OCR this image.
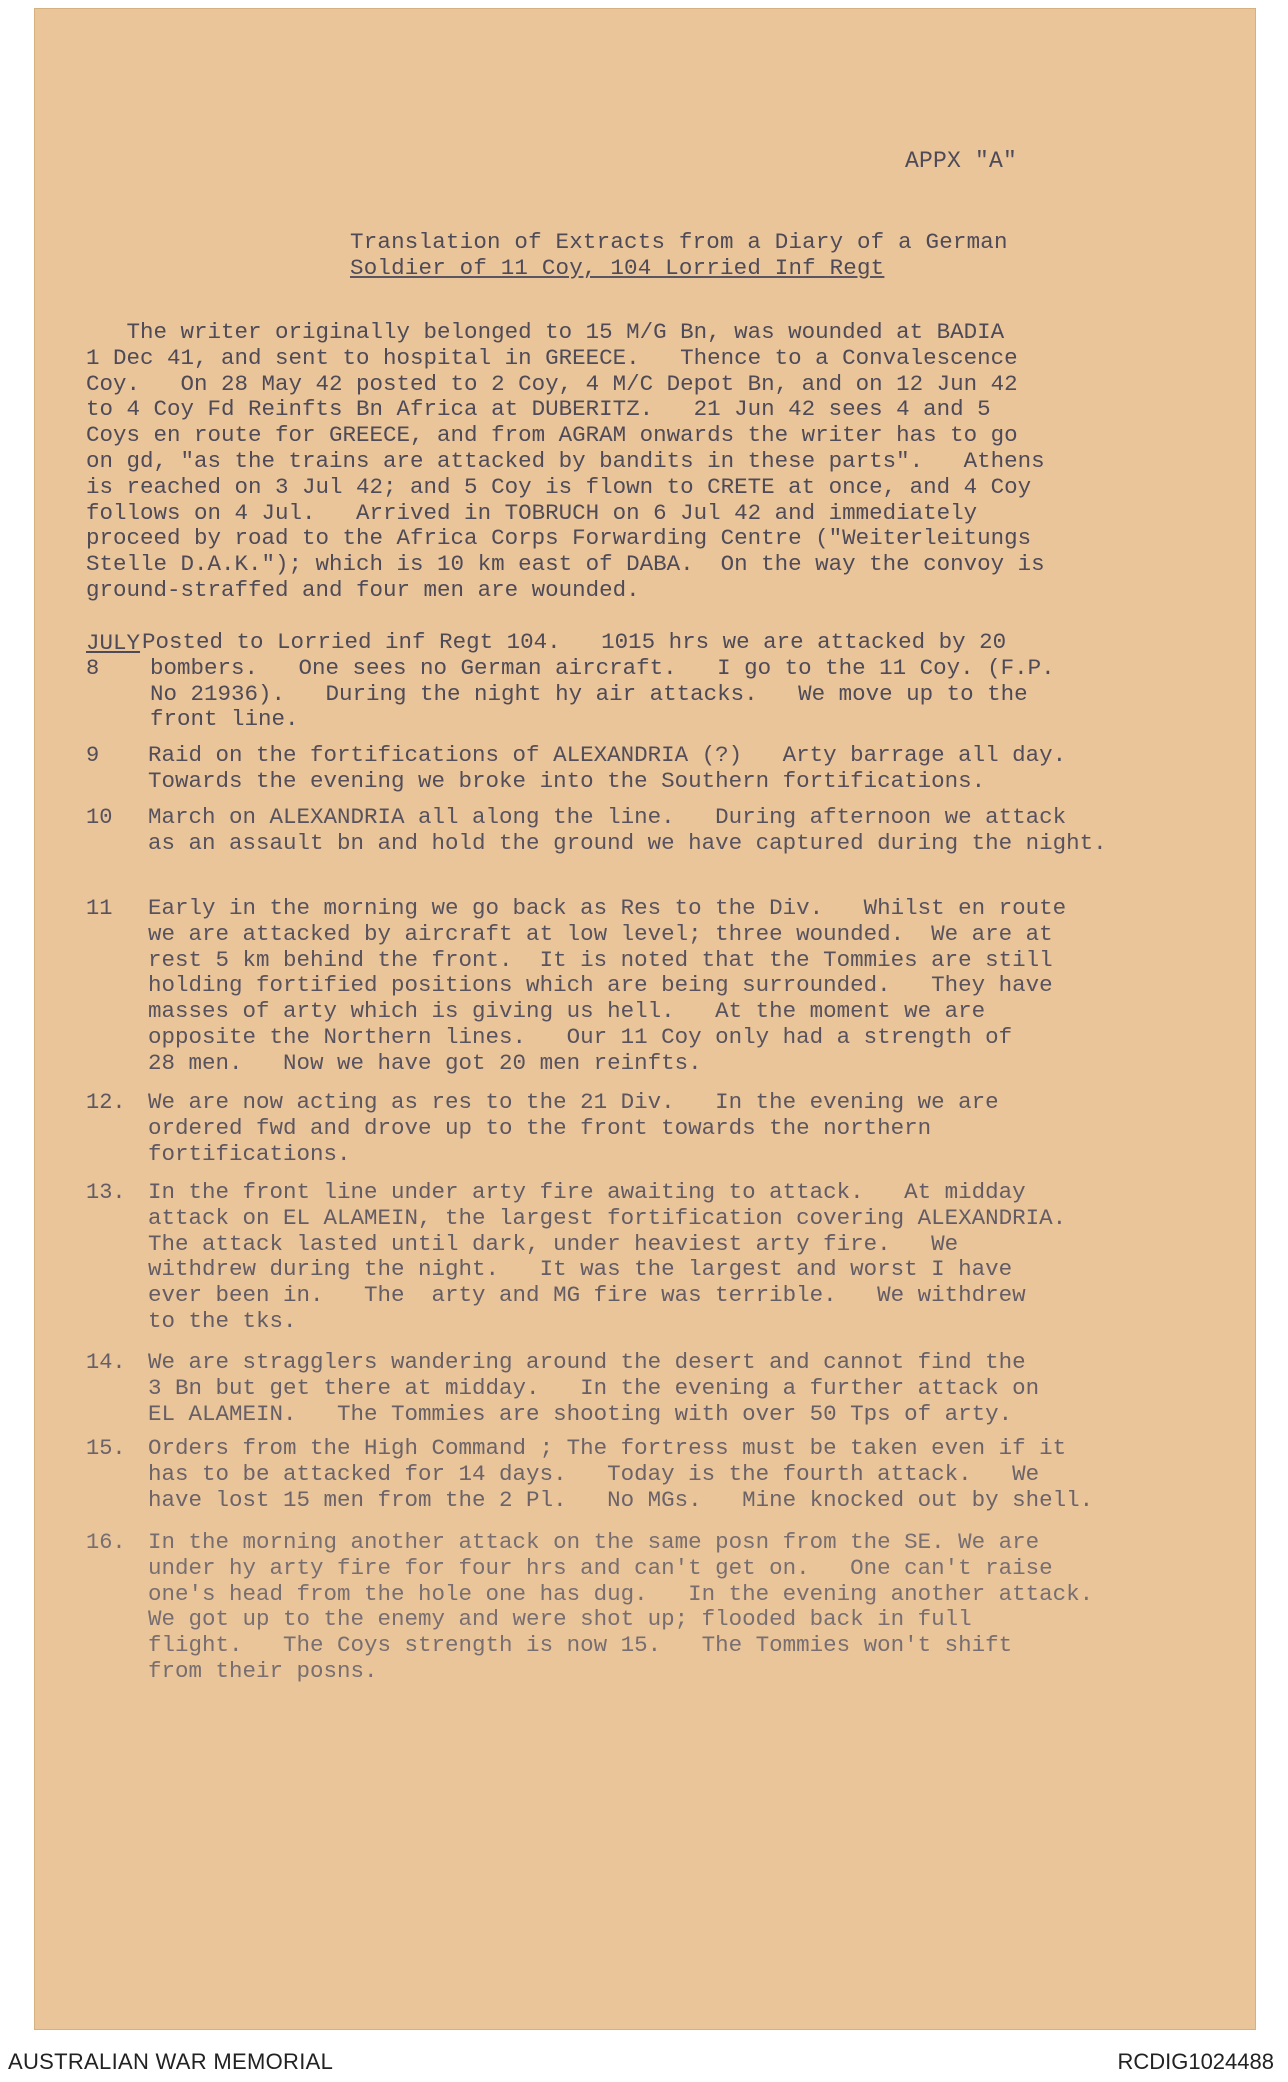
APPX "A"
Translation of Extracts from a Diary of a German
Soldier of 11 Coy, 104 Lorried Inf Regt
The writer originally belonged to 15 M/G Bn, was wounded at BADIA
1 Dec 41, and sent to hospital in GREECE.   Thence to a Convalescence
Coy.   On 28 May 42 posted to 2 Coy, 4 M/C Depot Bn, and on 12 Jun 42
to 4 Coy Fd Reinfts Bn Africa at DUBERITZ.   21 Jun 42 sees 4 and 5
Coys en route for GREECE, and from AGRAM onwards the writer has to go
on gd, "as the trains are attacked by bandits in these parts".   Athens
is reached on 3 Jul 42; and 5 Coy is flown to CRETE at once, and 4 Coy
follows on 4 Jul.   Arrived in TOBRUCH on 6 Jul 42 and immediately
proceed by road to the Africa Corps Forwarding Centre ("Weiterleitungs
Stelle D.A.K."); which is 10 km east of DABA.  On the way the convoy is
ground-straffed and four men are wounded.
JULY
8
Posted to Lorried inf Regt 104.   1015 hrs we are attacked by 20
bombers.   One sees no German aircraft.   I go to the 11 Coy. (F.P.
No 21936).   During the night hy air attacks.   We move up to the
front line.
9	Raid on the fortifications of ALEXANDRIA (?)   Arty barrage all day.
Towards the evening we broke into the Southern fortifications.
10	March on ALEXANDRIA all along the line.   During afternoon we attack
as an assault bn and hold the ground we have captured during the night.
11	Early in the morning we go back as Res to the Div.   Whilst en route
we are attacked by aircraft at low level; three wounded.  We are at
rest 5 km behind the front.  It is noted that the Tommies are still
holding fortified positions which are being surrounded.   They have
masses of arty which is giving us hell.   At the moment we are
opposite the Northern lines.   Our 11 Coy only had a strength of
28 men.   Now we have got 20 men reinfts.
12. We are now acting as res to the 21 Div.   In the evening we are
ordered fwd and drove up to the front towards the northern
fortifications.
13. In the front line under arty fire awaiting to attack.   At midday
attack on EL ALAMEIN, the largest fortification covering ALEXANDRIA.
The attack lasted until dark, under heaviest arty fire.   We
withdrew during the night.   It was the largest and worst I have
ever been in.   The  arty and MG fire was terrible.   We withdrew
to the tks.
14. We are stragglers wandering around the desert and cannot find the
3 Bn but get there at midday.   In the evening a further attack on
EL ALAMEIN.   The Tommies are shooting with over 50 Tps of arty.
15. Orders from the High Command ; The fortress must be taken even if it
has to be attacked for 14 days.   Today is the fourth attack.   We
have lost 15 men from the 2 Pl.   No MGs.   Mine knocked out by shell.
16. In the morning another attack on the same posn from the SE. We are
under hy arty fire for four hrs and can't get on.   One can't raise
one's head from the hole one has dug.   In the evening another attack.
We got up to the enemy and were shot up; flooded back in full
flight.   The Coys strength is now 15.   The Tommies won't shift
from their posns.
AUSTRALIAN WAR MEMORIAL	RCDIG1024488
